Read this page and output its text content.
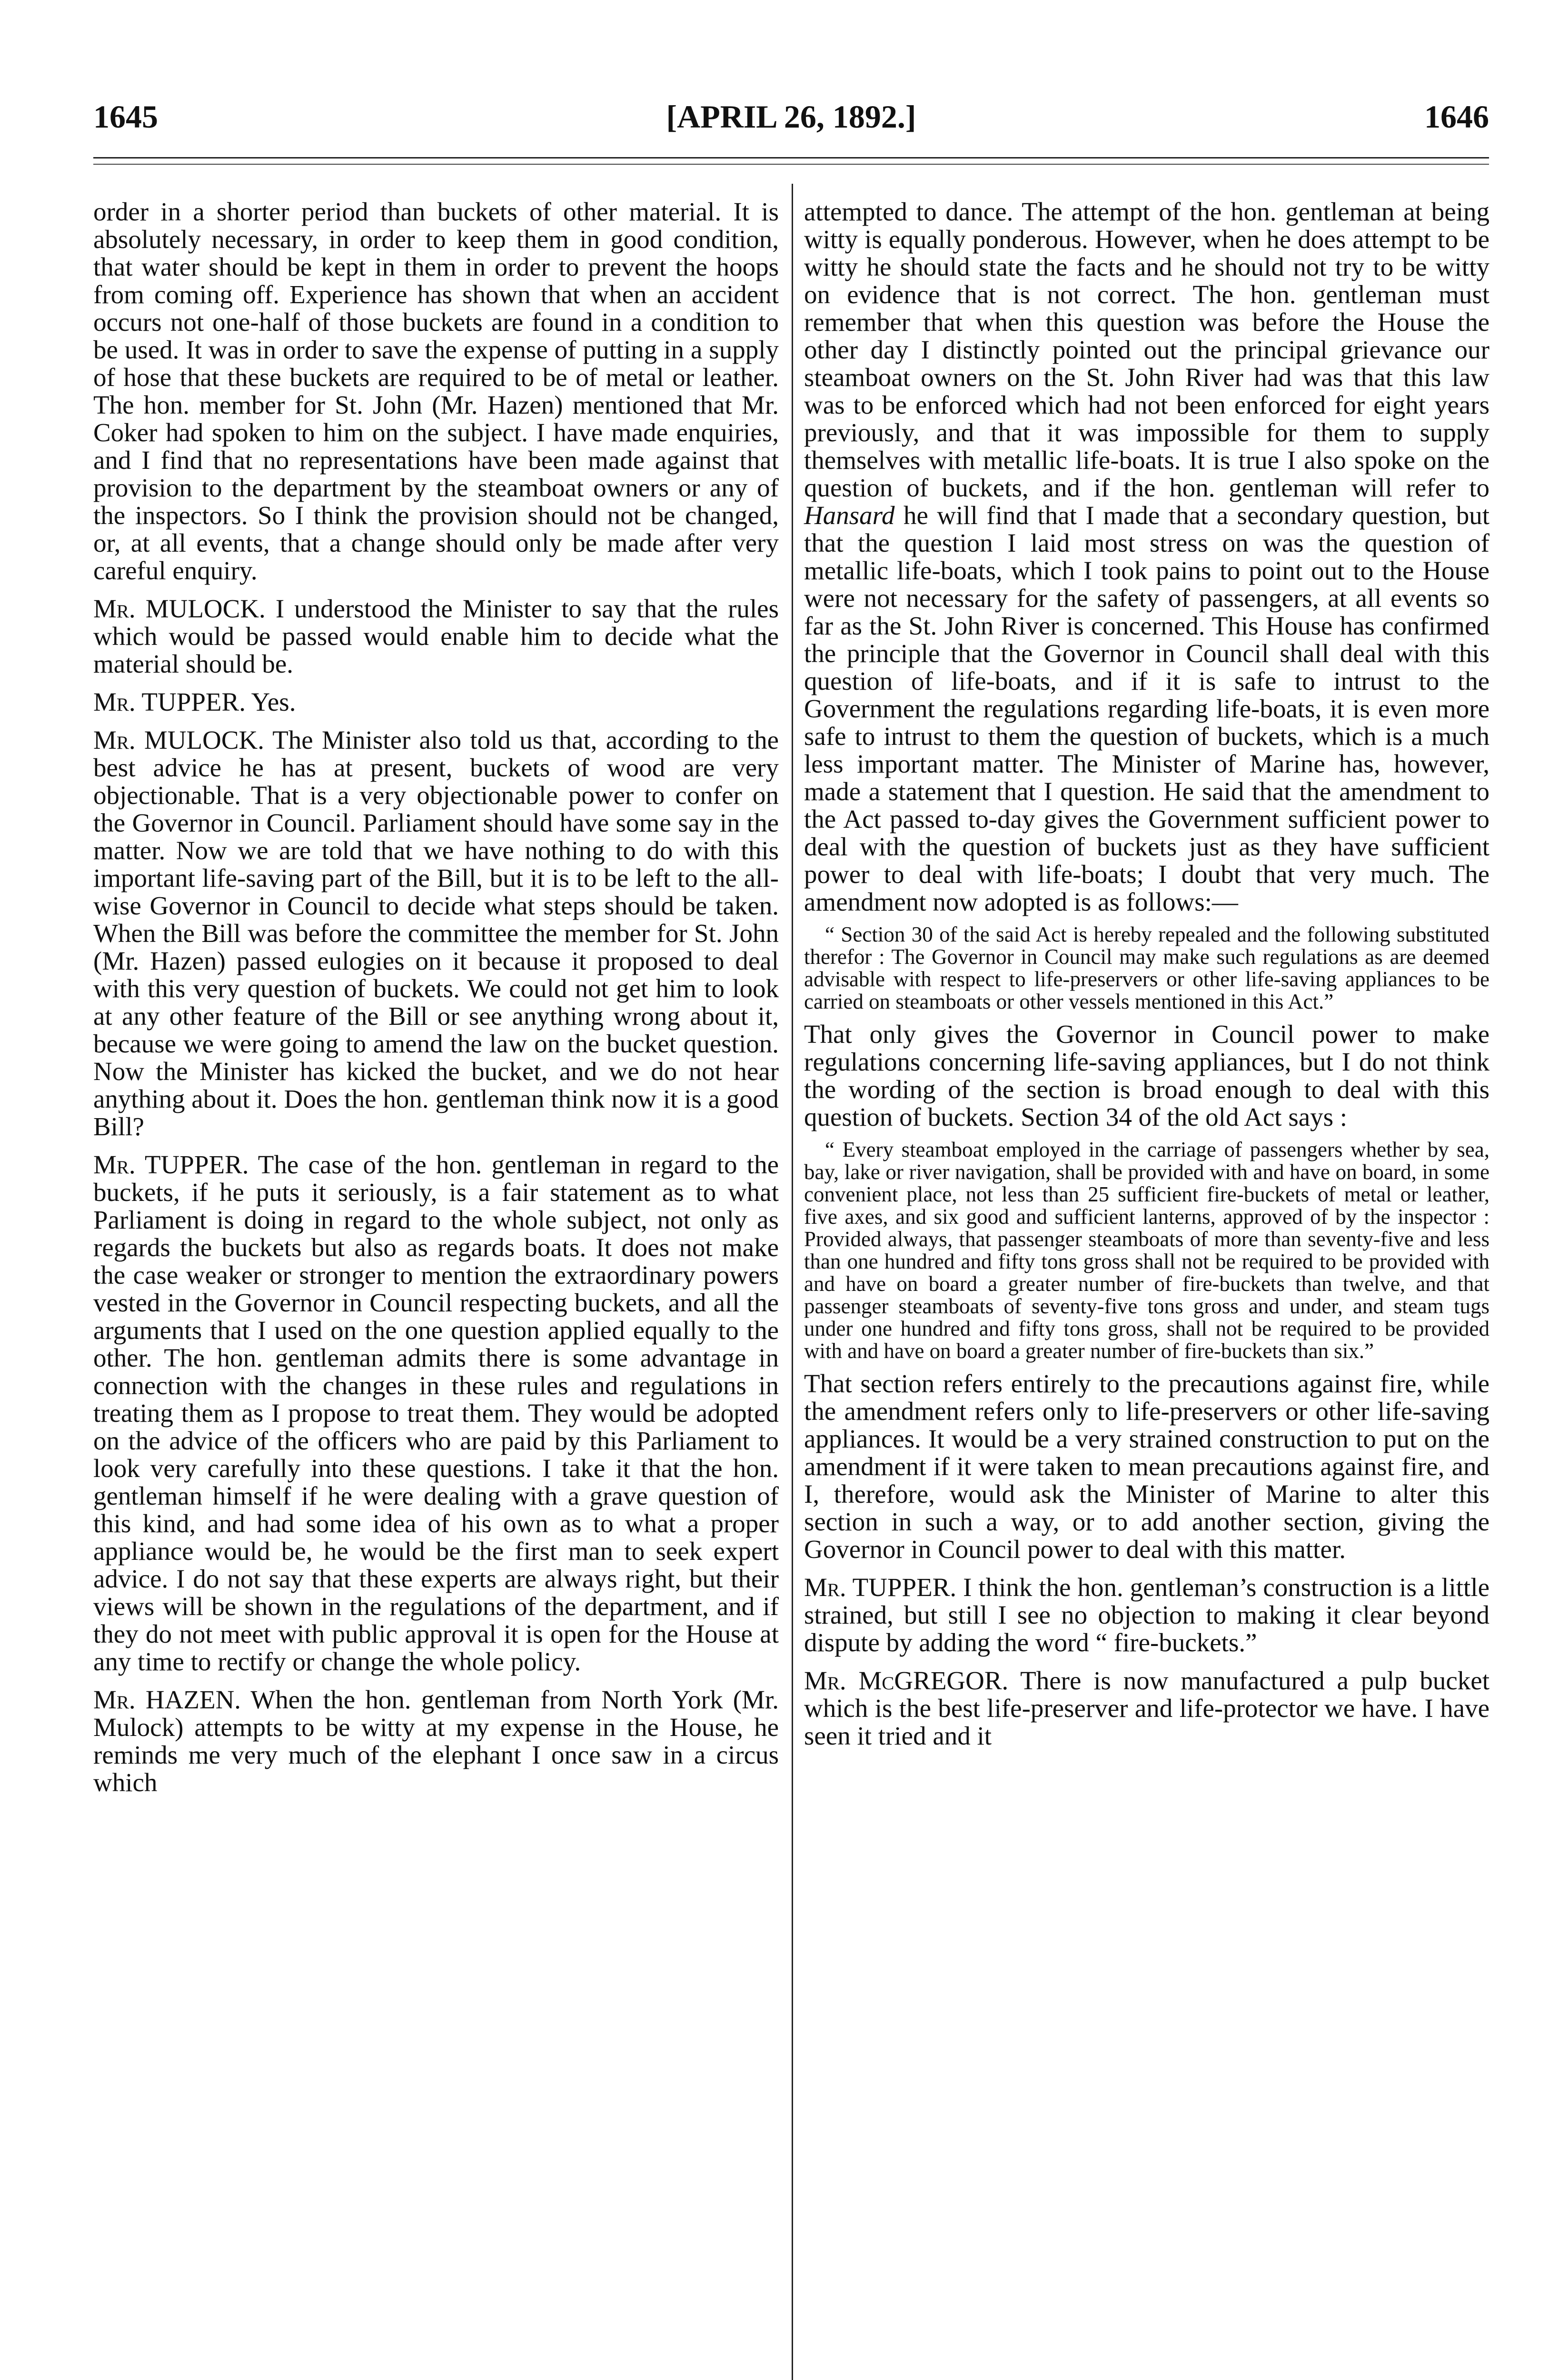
1645	[APRIL 26, 1892.]	1646

order in a shorter period than buckets of other material. It is absolutely necessary, in order to keep them in good condition, that water should be kept in them in order to prevent the hoops from coming off. Experience has shown that when an accident occurs not one-half of those buckets are found in a condition to be used. It was in order to save the expense of putting in a supply of hose that these buckets are required to be of metal or leather. The hon. member for St. John (Mr. Hazen) mentioned that Mr. Coker had spoken to him on the subject. I have made enquiries, and I find that no representations have been made against that provision to the department by the steamboat owners or any of the inspectors. So I think the provision should not be changed, or, at all events, that a change should only be made after very careful enquiry.

Mr. MULOCK. I understood the Minister to say that the rules which would be passed would enable him to decide what the material should be.

Mr. TUPPER. Yes.

Mr. MULOCK. The Minister also told us that, according to the best advice he has at present, buckets of wood are very objectionable. That is a very objectionable power to confer on the Governor in Council. Parliament should have some say in the matter. Now we are told that we have nothing to do with this important life-saving part of the Bill, but it is to be left to the all-wise Governor in Council to decide what steps should be taken. When the Bill was before the committee the member for St. John (Mr. Hazen) passed eulogies on it because it proposed to deal with this very question of buckets. We could not get him to look at any other feature of the Bill or see anything wrong about it, because we were going to amend the law on the bucket question. Now the Minister has kicked the bucket, and we do not hear anything about it. Does the hon. gentleman think now it is a good Bill?

Mr. TUPPER. The case of the hon. gentleman in regard to the buckets, if he puts it seriously, is a fair statement as to what Parliament is doing in regard to the whole subject, not only as regards the buckets but also as regards boats. It does not make the case weaker or stronger to mention the extraordinary powers vested in the Governor in Council respecting buckets, and all the arguments that I used on the one question applied equally to the other. The hon. gentleman admits there is some advantage in connection with the changes in these rules and regulations in treating them as I propose to treat them. They would be adopted on the advice of the officers who are paid by this Parliament to look very carefully into these questions. I take it that the hon. gentleman himself if he were dealing with a grave question of this kind, and had some idea of his own as to what a proper appliance would be, he would be the first man to seek expert advice. I do not say that these experts are always right, but their views will be shown in the regulations of the department, and if they do not meet with public approval it is open for the House at any time to rectify or change the whole policy.

Mr. HAZEN. When the hon. gentleman from North York (Mr. Mulock) attempts to be witty at my expense in the House, he reminds me very much of the elephant I once saw in a circus which

attempted to dance. The attempt of the hon. gentleman at being witty is equally ponderous. However, when he does attempt to be witty he should state the facts and he should not try to be witty on evidence that is not correct. The hon. gentleman must remember that when this question was before the House the other day I distinctly pointed out the principal grievance our steamboat owners on the St. John River had was that this law was to be enforced which had not been enforced for eight years previously, and that it was impossible for them to supply themselves with metallic life-boats. It is true I also spoke on the question of buckets, and if the hon. gentleman will refer to Hansard he will find that I made that a secondary question, but that the question I laid most stress on was the question of metallic life-boats, which I took pains to point out to the House were not necessary for the safety of passengers, at all events so far as the St. John River is concerned. This House has confirmed the principle that the Governor in Council shall deal with this question of life-boats, and if it is safe to intrust to the Government the regulations regarding life-boats, it is even more safe to intrust to them the question of buckets, which is a much less important matter. The Minister of Marine has, however, made a statement that I question. He said that the amendment to the Act passed to-day gives the Government sufficient power to deal with the question of buckets just as they have sufficient power to deal with life-boats; I doubt that very much. The amendment now adopted is as follows:—

“ Section 30 of the said Act is hereby repealed and the following substituted therefor : The Governor in Council may make such regulations as are deemed advisable with respect to life-preservers or other life-saving appliances to be carried on steamboats or other vessels mentioned in this Act.”

That only gives the Governor in Council power to make regulations concerning life-saving appliances, but I do not think the wording of the section is broad enough to deal with this question of buckets. Section 34 of the old Act says :

“ Every steamboat employed in the carriage of passengers whether by sea, bay, lake or river navigation, shall be provided with and have on board, in some convenient place, not less than 25 sufficient fire-buckets of metal or leather, five axes, and six good and sufficient lanterns, approved of by the inspector : Provided always, that passenger steamboats of more than seventy-five and less than one hundred and fifty tons gross shall not be required to be provided with and have on board a greater number of fire-buckets than twelve, and that passenger steamboats of seventy-five tons gross and under, and steam tugs under one hundred and fifty tons gross, shall not be required to be provided with and have on board a greater number of fire-buckets than six.”

That section refers entirely to the precautions against fire, while the amendment refers only to life-preservers or other life-saving appliances. It would be a very strained construction to put on the amendment if it were taken to mean precautions against fire, and I, therefore, would ask the Minister of Marine to alter this section in such a way, or to add another section, giving the Governor in Council power to deal with this matter.

Mr. TUPPER. I think the hon. gentleman’s construction is a little strained, but still I see no objection to making it clear beyond dispute by adding the word “ fire-buckets.”

Mr. McGREGOR. There is now manufactured a pulp bucket which is the best life-preserver and life-protector we have. I have seen it tried and it
